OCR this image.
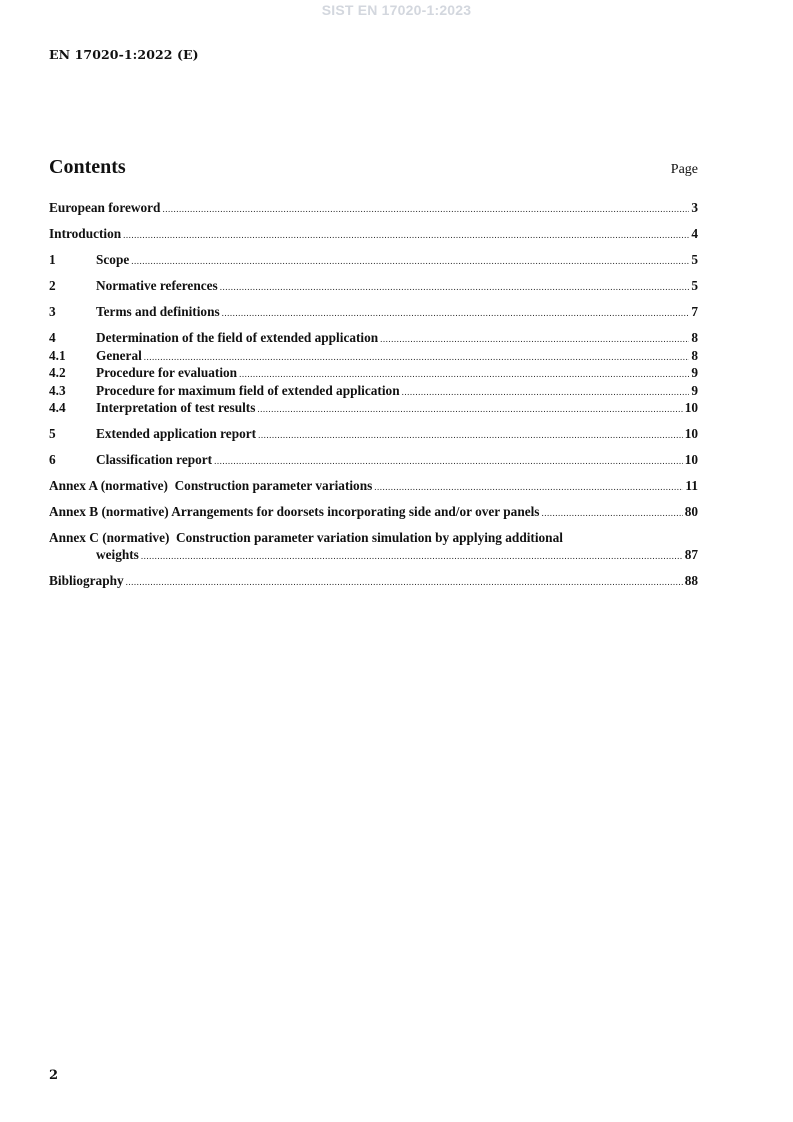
SIST EN 17020-1:2023
EN 17020-1:2022 (E)
Contents	Page
European foreword .....	3
Introduction .....	4
1	Scope .....	5
2	Normative references .....	5
3	Terms and definitions .....	7
4	Determination of the field of extended application .....	8
4.1	General .....	8
4.2	Procedure for evaluation .....	9
4.3	Procedure for maximum field of extended application .....	9
4.4	Interpretation of test results .....	10
5	Extended application report .....	10
6	Classification report .....	10
Annex A (normative)  Construction parameter variations .....	11
Annex B (normative) Arrangements for doorsets incorporating side and/or over panels .....	80
Annex C (normative)  Construction parameter variation simulation by applying additional
weights .....	87
Bibliography .....	88
2
